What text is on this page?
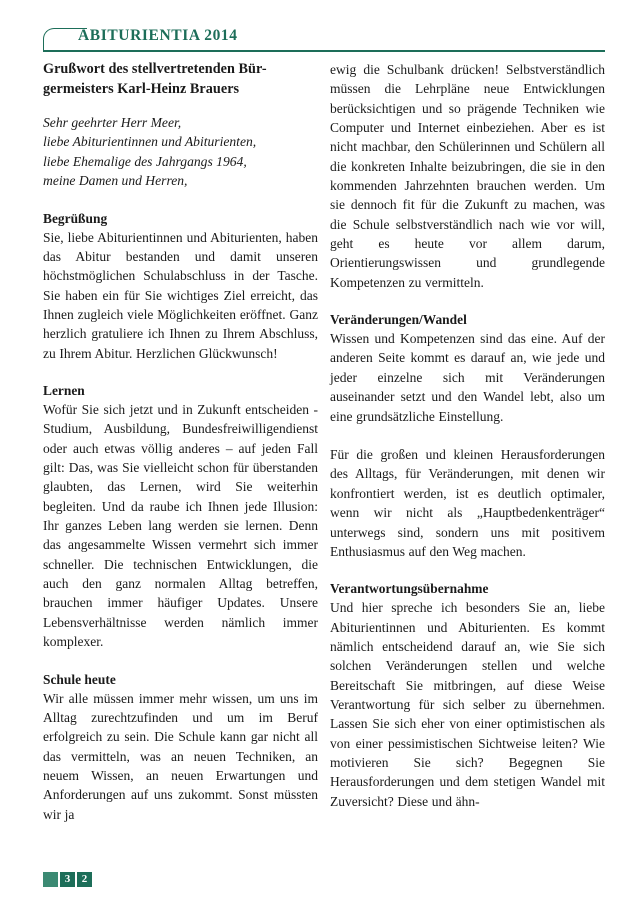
ABITURIENTIA 2014
Grußwort des stellvertretenden Bür-
germeisters Karl-Heinz Brauers
Sehr geehrter Herr Meer,
liebe Abiturientinnen und Abiturienten,
liebe Ehemalige des Jahrgangs 1964,
meine Damen und Herren,
Begrüßung

Sie, liebe Abiturientinnen und Abiturienten, haben das Abitur bestanden und damit unseren höchstmöglichen Schulabschluss in der Tasche. Sie haben ein für Sie wichtiges Ziel erreicht, das Ihnen zugleich viele Möglichkeiten eröffnet. Ganz herzlich gratuliere ich Ihnen zu Ihrem Abschluss, zu Ihrem Abitur. Herzlichen Glückwunsch!

Lernen

Wofür Sie sich jetzt und in Zukunft entscheiden - Studium, Ausbildung, Bundesfreiwilligendienst oder auch etwas völlig anderes – auf jeden Fall gilt: Das, was Sie vielleicht schon für überstanden glaubten, das Lernen, wird Sie weiterhin begleiten. Und da raube ich Ihnen jede Illusion: Ihr ganzes Leben lang werden sie lernen. Denn das angesammelte Wissen vermehrt sich immer schneller. Die technischen Entwicklungen, die auch den ganz normalen Alltag betreffen, brauchen immer häufiger Updates. Unsere Lebensverhältnisse werden nämlich immer komplexer.

Schule heute

Wir alle müssen immer mehr wissen, um uns im Alltag zurechtzufinden und um im Beruf erfolgreich zu sein. Die Schule kann gar nicht all das vermitteln, was an neuen Techniken, an neuem Wissen, an neuen Erwartungen und Anforderungen auf uns zukommt. Sonst müssten wir ja

ewig die Schulbank drücken! Selbstverständlich müssen die Lehrpläne neue Entwicklungen berücksichtigen und so prägende Techniken wie Computer und Internet einbeziehen. Aber es ist nicht machbar, den Schülerinnen und Schülern all die konkreten Inhalte beizubringen, die sie in den kommenden Jahrzehnten brauchen werden. Um sie dennoch fit für die Zukunft zu machen, was die Schule selbstverständlich nach wie vor will, geht es heute vor allem darum, Orientierungswissen und grundlegende Kompetenzen zu vermitteln.

Veränderungen/Wandel

Wissen und Kompetenzen sind das eine. Auf der anderen Seite kommt es darauf an, wie jede und jeder einzelne sich mit Veränderungen auseinander setzt und den Wandel lebt, also um eine grundsätzliche Einstellung.

Für die großen und kleinen Herausforderungen des Alltags, für Veränderungen, mit denen wir konfrontiert werden, ist es deutlich optimaler, wenn wir nicht als „Hauptbedenkenträger“ unterwegs sind, sondern uns mit positivem Enthusiasmus auf den Weg machen.

Verantwortungsübernahme

Und hier spreche ich besonders Sie an, liebe Abiturientinnen und Abiturienten. Es kommt nämlich entscheidend darauf an, wie Sie sich solchen Veränderungen stellen und welche Bereitschaft Sie mitbringen, auf diese Weise Verantwortung für sich selber zu übernehmen. Lassen Sie sich eher von einer optimistischen als von einer pessimistischen Sichtweise leiten? Wie motivieren Sie sich? Begegnen Sie Herausforderungen und dem stetigen Wandel mit Zuversicht? Diese und ähn-

3	2
